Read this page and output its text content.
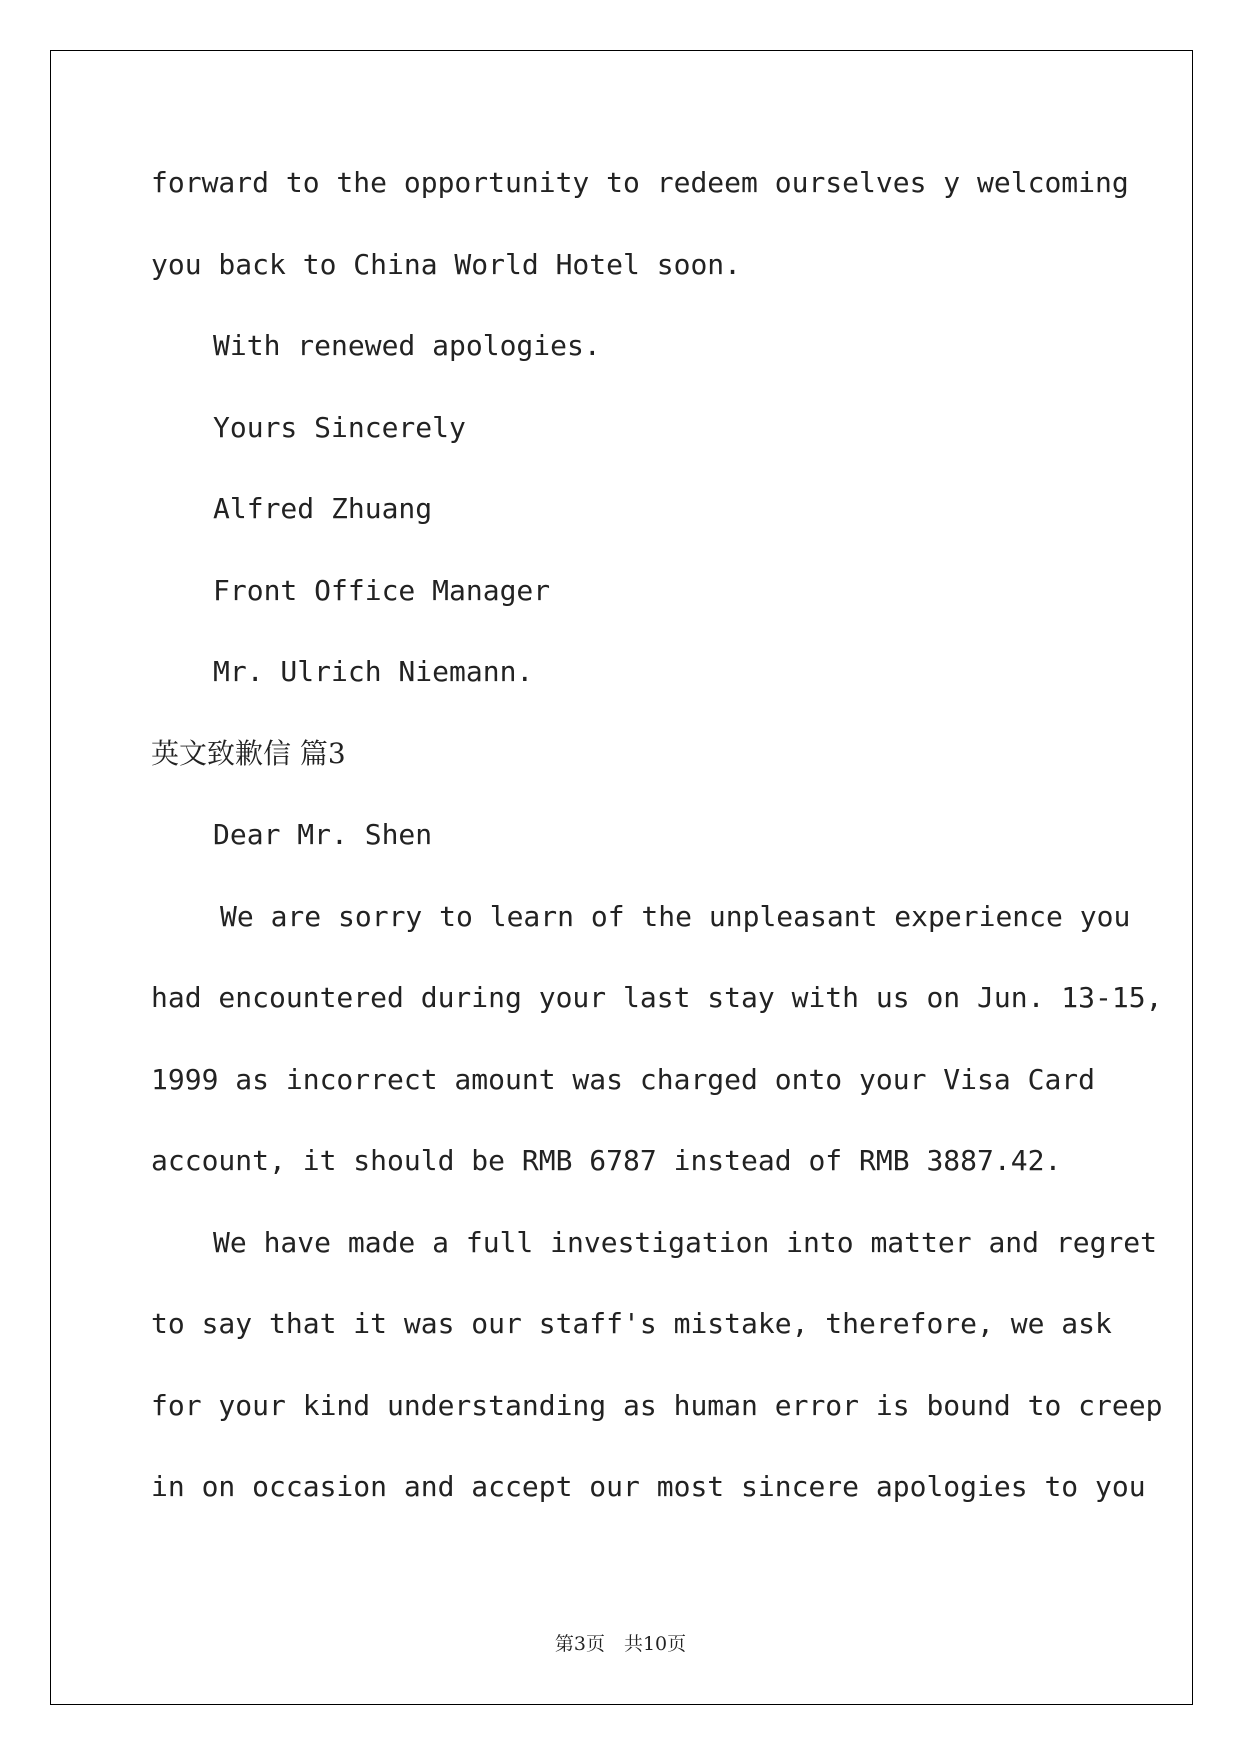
forward to the opportunity to redeem ourselves y welcoming
you back to China World Hotel soon.
With renewed apologies.
Yours Sincerely
Alfred Zhuang
Front Office Manager
Mr. Ulrich Niemann.
英文致歉信 篇3
Dear Mr. Shen
We are sorry to learn of the unpleasant experience you
had encountered during your last stay with us on Jun. 13-15,
1999 as incorrect amount was charged onto your Visa Card
account, it should be RMB 6787 instead of RMB 3887.42.
We have made a full investigation into matter and regret
to say that it was our staff's mistake, therefore, we ask
for your kind understanding as human error is bound to creep
in on occasion and accept our most sincere apologies to you
第3页　共10页
